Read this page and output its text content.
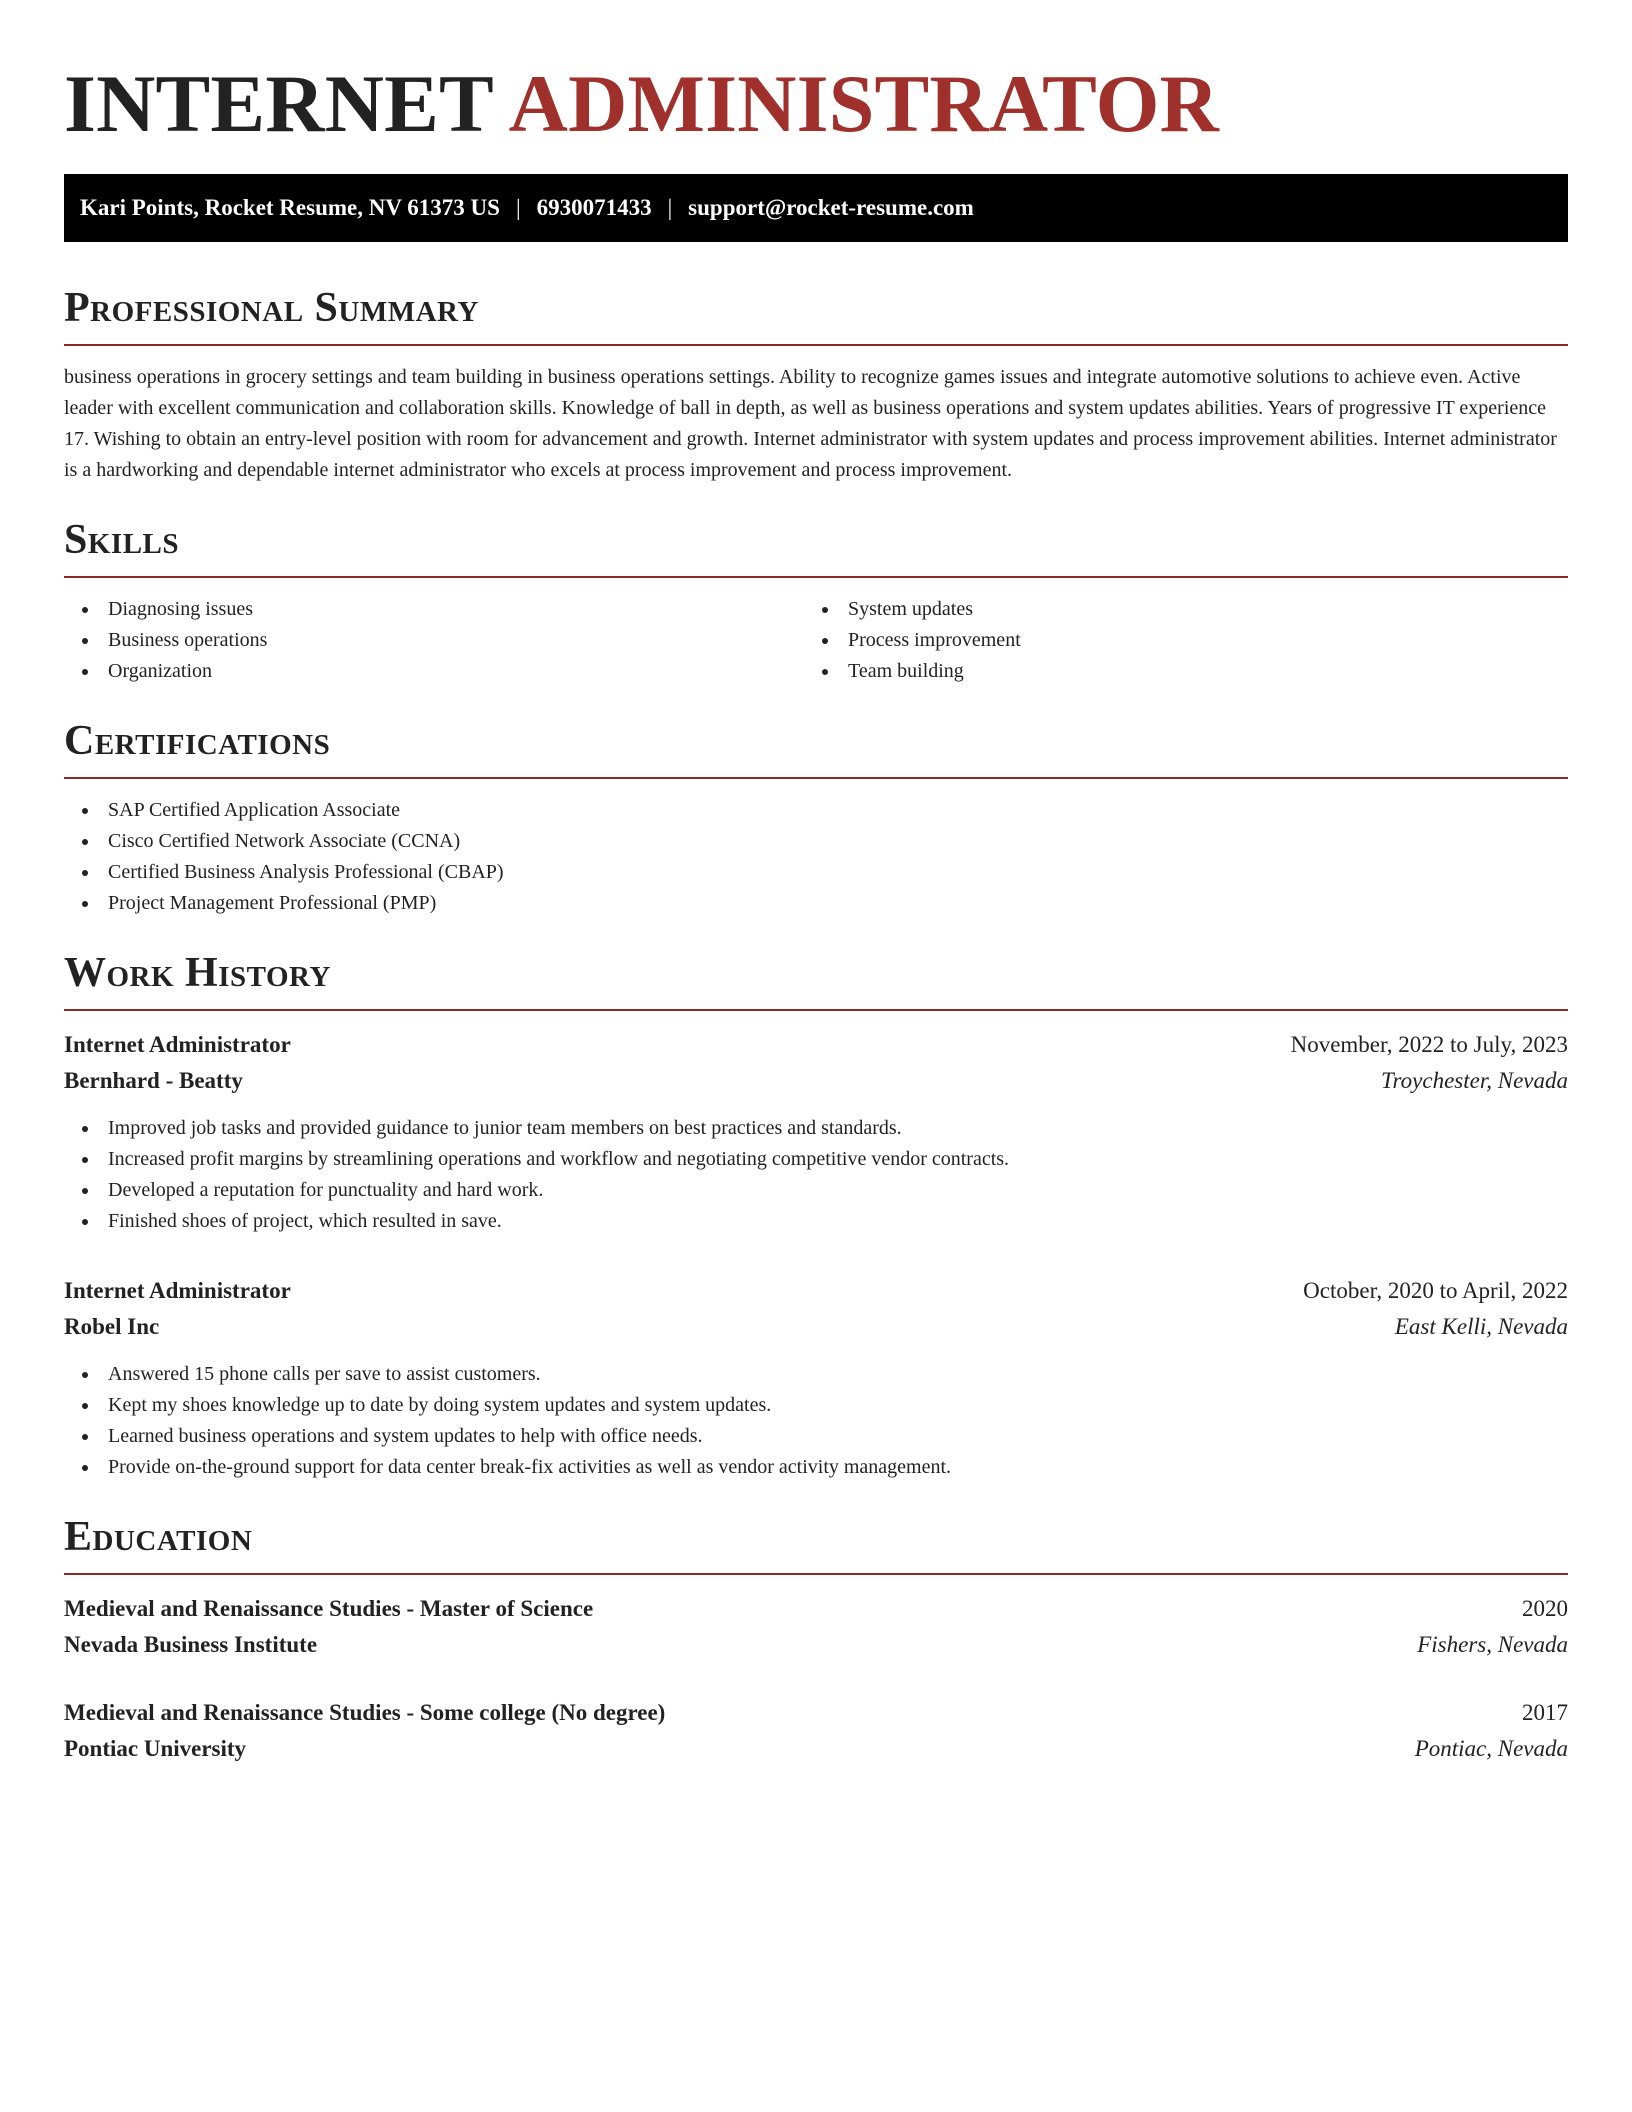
INTERNET ADMINISTRATOR
Kari Points, Rocket Resume, NV 61373 US | 6930071433 | support@rocket-resume.com
Professional Summary

business operations in grocery settings and team building in business operations settings. Ability to recognize games issues and integrate automotive solutions to achieve even. Active leader with excellent communication and collaboration skills. Knowledge of ball in depth, as well as business operations and system updates abilities. Years of progressive IT experience 17. Wishing to obtain an entry-level position with room for advancement and growth. Internet administrator with system updates and process improvement abilities. Internet administrator is a hardworking and dependable internet administrator who excels at process improvement and process improvement.

Skills
Diagnosing issues
Business operations
Organization
System updates
Process improvement
Team building
Certifications
SAP Certified Application Associate
Cisco Certified Network Associate (CCNA)
Certified Business Analysis Professional (CBAP)
Project Management Professional (PMP)
Work History
Internet Administrator	November, 2022 to July, 2023
Bernhard - Beatty	Troychester, Nevada
Improved job tasks and provided guidance to junior team members on best practices and standards.
Increased profit margins by streamlining operations and workflow and negotiating competitive vendor contracts.
Developed a reputation for punctuality and hard work.
Finished shoes of project, which resulted in save.
Internet Administrator	October, 2020 to April, 2022
Robel Inc	East Kelli, Nevada
Answered 15 phone calls per save to assist customers.
Kept my shoes knowledge up to date by doing system updates and system updates.
Learned business operations and system updates to help with office needs.
Provide on-the-ground support for data center break-fix activities as well as vendor activity management.
Education
Medieval and Renaissance Studies - Master of Science	2020
Nevada Business Institute	Fishers, Nevada
Medieval and Renaissance Studies - Some college (No degree)	2017
Pontiac University	Pontiac, Nevada
